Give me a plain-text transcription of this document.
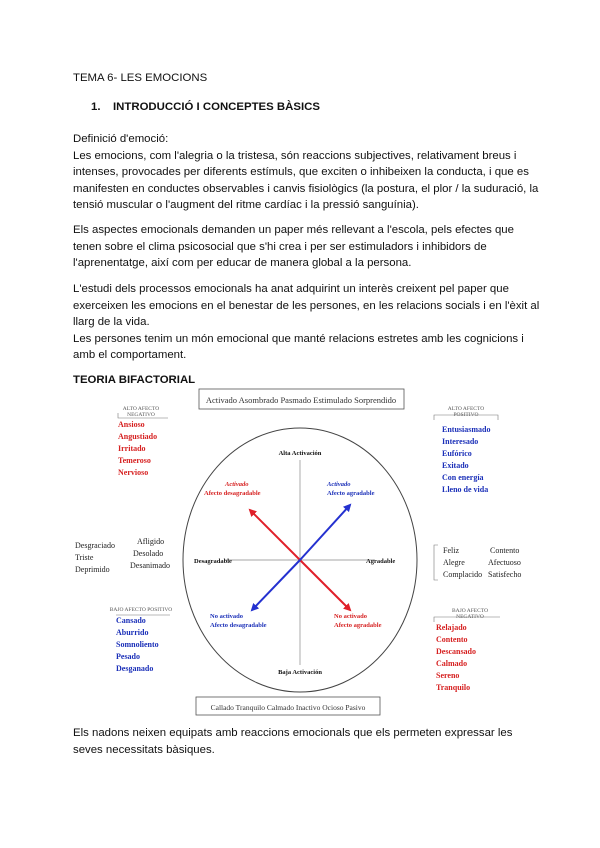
TEMA 6- LES EMOCIONS
1. INTRODUCCIÓ I CONCEPTES BÀSICS
Definició d'emoció:
Les emocions, com l'alegria o la tristesa, són reaccions subjectives, relativament breus i
intenses, provocades per diferents estímuls, que exciten o inhibeixen la conducta, i que es
manifesten en conductes observables i canvis fisiològics (la postura, el plor / la suduració, la
tensió muscular o l'augment del ritme cardíac i la pressió sanguínia).
Els aspectes emocionals demanden un paper més rellevant a l'escola, pels efectes que
tenen sobre el clima psicosocial que s'hi crea i per ser estimuladors i inhibidors de
l'aprenentatge, així com per educar de manera global a la persona.
L'estudi dels processos emocionals ha anat adquirint un interès creixent pel paper que
exerceixen les emocions en el benestar de les persones, en les relacions socials i en l'èxit al
llarg de la vida.
Les persones tenim un món emocional que manté relacions estretes amb les cognicions i
amb el comportament.
TEORIA BIFACTORIAL
Activado Asombrado Pasmado Estimulado Sorprendido
Callado Tranquilo Calmado Inactivo Ocioso Pasivo
Alta Activación
Baja Activación
Desagradable	Agradable
Activado
Afecto desagradable
Activado
Afecto agradable
No activado
Afecto desagradable
No activado
Afecto agradable
ALTO AFECTO
NEGATIVO
Ansioso
Angustiado
Irritado
Temeroso
Nervioso
ALTO AFECTO
POSITIVO
Entusiasmado
Interesado
Eufórico
Exitado
Con energía
Lleno de vida
Desgraciado
Triste
Deprimido
Afligido
Desolado
Desanimado
Feliz
Alegre
Complacido
Contento
Afectuoso
Satisfecho
BAJO AFECTO POSITIVO
Cansado
Aburrido
Somnoliento
Pesado
Desganado
BAJO AFECTO
NEGATIVO
Relajado
Contento
Descansado
Calmado
Sereno
Tranquilo
Els nadons neixen equipats amb reaccions emocionals que els permeten expressar les
seves necessitats bàsiques.
